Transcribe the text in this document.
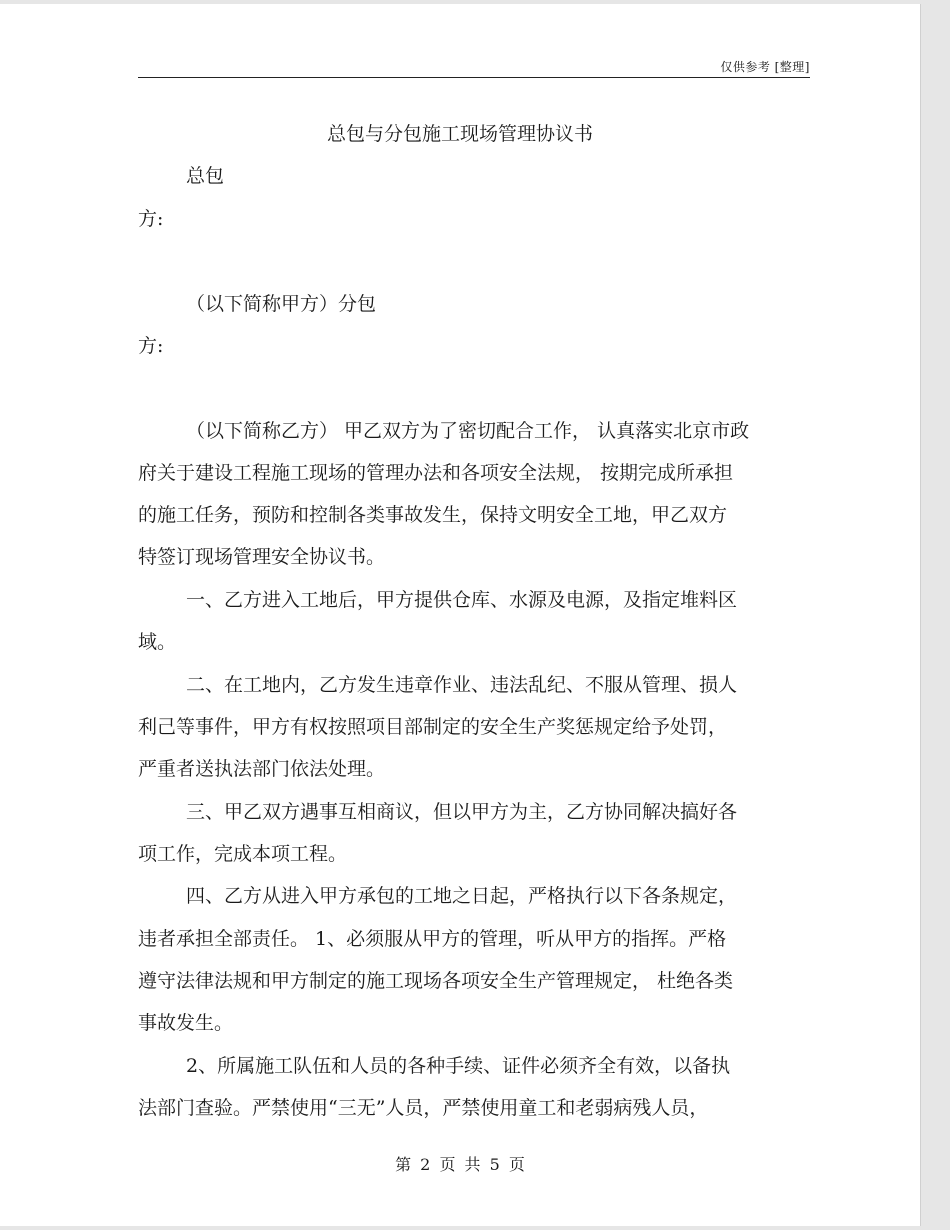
仅供参考 [整理]
总包与分包施工现场管理协议书
总包
方:
（以下简称甲方）分包
方:
（以下简称乙方） 甲乙双方为了密切配合工作， 认真落实北京市政
府关于建设工程施工现场的管理办法和各项安全法规， 按期完成所承担
的施工任务，预防和控制各类事故发生，保持文明安全工地，甲乙双方
特签订现场管理安全协议书。
一、乙方进入工地后，甲方提供仓库、水源及电源，及指定堆料区
域。
二、在工地内，乙方发生违章作业、违法乱纪、不服从管理、损人
利己等事件，甲方有权按照项目部制定的安全生产奖惩规定给予处罚，
严重者送执法部门依法处理。
三、甲乙双方遇事互相商议，但以甲方为主，乙方协同解决搞好各
项工作，完成本项工程。
四、乙方从进入甲方承包的工地之日起，严格执行以下各条规定，
违者承担全部责任。 1、必须服从甲方的管理，听从甲方的指挥。严格
遵守法律法规和甲方制定的施工现场各项安全生产管理规定， 杜绝各类
事故发生。
2、所属施工队伍和人员的各种手续、证件必须齐全有效，以备执
法部门查验。严禁使用“三无”人员，严禁使用童工和老弱病残人员，
第 2 页 共 5 页
